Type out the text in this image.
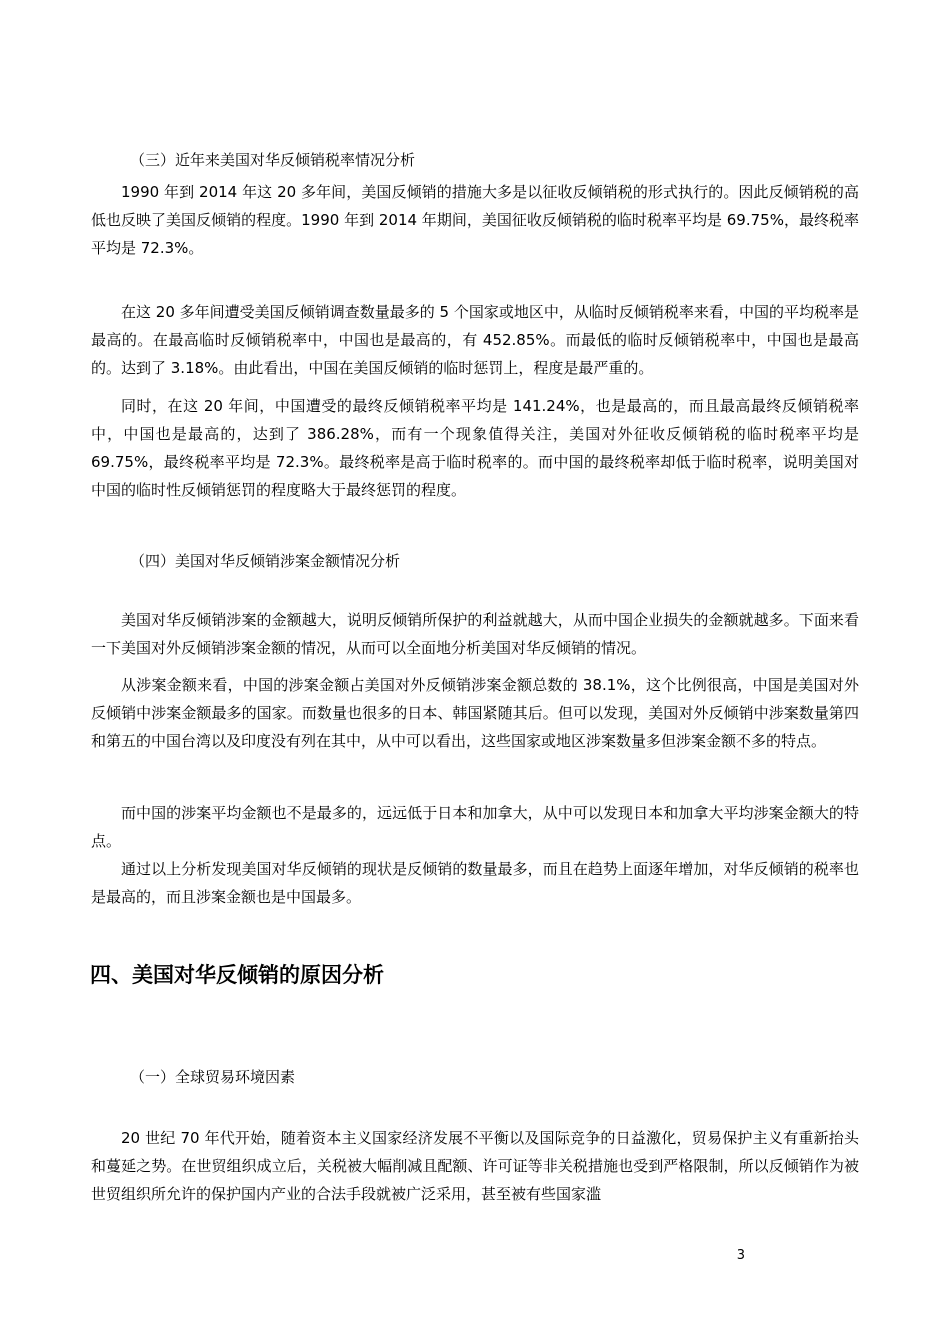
（三）近年来美国对华反倾销税率情况分析

1990 年到 2014 年这 20 多年间，美国反倾销的措施大多是以征收反倾销税的形式执行的。因此反倾销税的高低也反映了美国反倾销的程度。1990 年到 2014 年期间，美国征收反倾销税的临时税率平均是 69.75%，最终税率平均是 72.3%。

在这 20 多年间遭受美国反倾销调查数量最多的 5 个国家或地区中，从临时反倾销税率来看，中国的平均税率是最高的。在最高临时反倾销税率中，中国也是最高的，有 452.85%。而最低的临时反倾销税率中，中国也是最高的。达到了 3.18%。由此看出，中国在美国反倾销的临时惩罚上，程度是最严重的。

同时，在这 20 年间，中国遭受的最终反倾销税率平均是 141.24%，也是最高的，而且最高最终反倾销税率中，中国也是最高的，达到了 386.28%，而有一个现象值得关注，美国对外征收反倾销税的临时税率平均是 69.75%，最终税率平均是 72.3%。最终税率是高于临时税率的。而中国的最终税率却低于临时税率，说明美国对中国的临时性反倾销惩罚的程度略大于最终惩罚的程度。

（四）美国对华反倾销涉案金额情况分析

美国对华反倾销涉案的金额越大，说明反倾销所保护的利益就越大，从而中国企业损失的金额就越多。下面来看一下美国对外反倾销涉案金额的情况，从而可以全面地分析美国对华反倾销的情况。

从涉案金额来看，中国的涉案金额占美国对外反倾销涉案金额总数的 38.1%，这个比例很高，中国是美国对外反倾销中涉案金额最多的国家。而数量也很多的日本、韩国紧随其后。但可以发现，美国对外反倾销中涉案数量第四和第五的中国台湾以及印度没有列在其中，从中可以看出，这些国家或地区涉案数量多但涉案金额不多的特点。

而中国的涉案平均金额也不是最多的，远远低于日本和加拿大，从中可以发现日本和加拿大平均涉案金额大的特点。

通过以上分析发现美国对华反倾销的现状是反倾销的数量最多，而且在趋势上面逐年增加，对华反倾销的税率也是最高的，而且涉案金额也是中国最多。

四、美国对华反倾销的原因分析
（一）全球贸易环境因素

20 世纪 70 年代开始，随着资本主义国家经济发展不平衡以及国际竞争的日益激化，贸易保护主义有重新抬头和蔓延之势。在世贸组织成立后，关税被大幅削减且配额、许可证等非关税措施也受到严格限制，所以反倾销作为被世贸组织所允许的保护国内产业的合法手段就被广泛采用，甚至被有些国家滥

3
